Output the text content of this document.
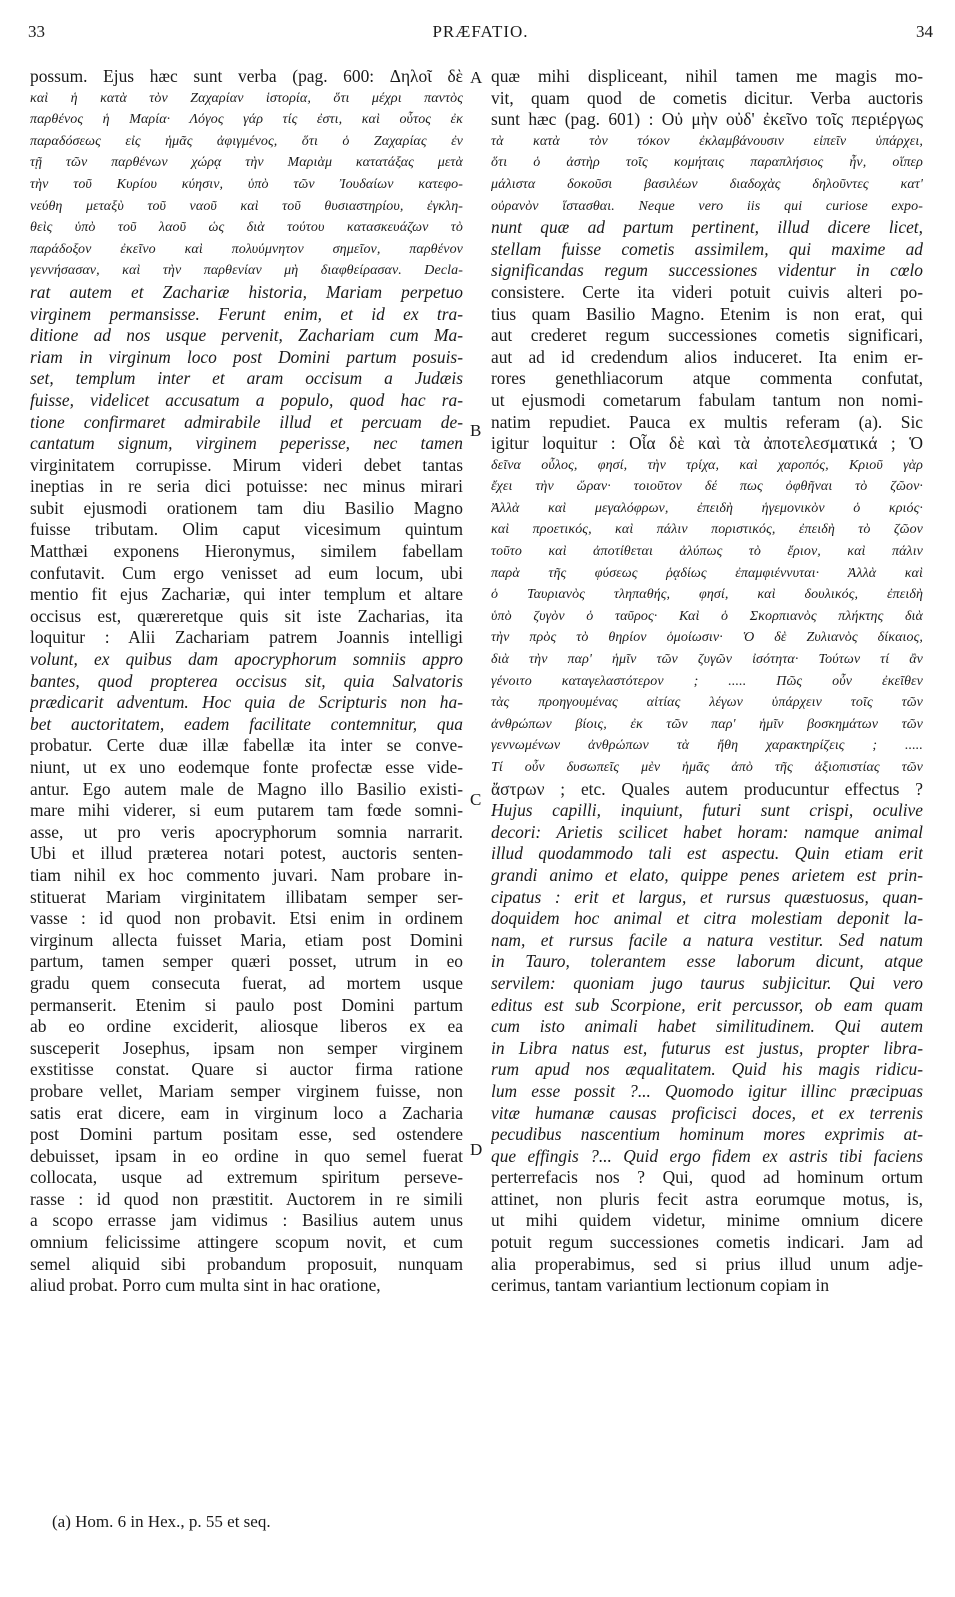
33	PRÆFATIO.	34
possum. Ejus hæc sunt verba (pag. 600: Δηλοῖ δὲ
καὶ ἡ κατὰ τὸν Ζαχαρίαν ἱστορία, ὅτι μέχρι παντὸς
παρθένος ἡ Μαρία· Λόγος γάρ τίς ἐστι, καὶ οὗτος ἐκ
παραδόσεως εἰς ἡμᾶς ἀφιγμένος, ὅτι ὁ Ζαχαρίας ἐν
τῇ τῶν παρθένων χώρᾳ τὴν Μαριὰμ κατατάξας μετὰ
τὴν τοῦ Κυρίου κύησιν, ὑπὸ τῶν Ἰουδαίων κατεφο-
νεύθη μεταξὺ τοῦ ναοῦ καὶ τοῦ θυσιαστηρίου, ἐγκλη-
θεὶς ὑπὸ τοῦ λαοῦ ὡς διὰ τούτου κατασκευάζων τὸ
παράδοξον ἐκεῖνο καὶ πολυύμνητον σημεῖον, παρθένον
γεννήσασαν, καὶ τὴν παρθενίαν μὴ διαφθείρασαν. Decla-
rat autem et Zachariæ historia, Mariam perpetuo
virginem permansisse. Ferunt enim, et id ex tra-
ditione ad nos usque pervenit, Zachariam cum Ma-
riam in virginum loco post Domini partum posuis-
set, templum inter et aram occisum a Judæis
fuisse, videlicet accusatum a populo, quod hac ra-
tione confirmaret admirabile illud et percuam de-
cantatum signum, virginem peperisse, nec tamen
virginitatem corrupisse. Mirum videri debet tantas
ineptias in re seria dici potuisse: nec minus mirari
subit ejusmodi orationem tam diu Basilio Magno
fuisse tributam. Olim caput vicesimum quintum
Matthæi exponens Hieronymus, similem fabellam
confutavit. Cum ergo venisset ad eum locum, ubi
mentio fit ejus Zachariæ, qui inter templum et altare
occisus est, quæreretque quis sit iste Zacharias, ita
loquitur : Alii Zachariam patrem Joannis intelligi
volunt, ex quibus dam apocryphorum somniis appro
bantes, quod propterea occisus sit, quia Salvatoris
prædicarit adventum. Hoc quia de Scripturis non ha-
bet auctoritatem, eadem facilitate contemnitur, qua
probatur. Certe duæ illæ fabellæ ita inter se conve-
niunt, ut ex uno eodemque fonte profectæ esse vide-
antur. Ego autem male de Magno illo Basilio existi-
mare mihi viderer, si eum putarem tam fœde somni-
asse, ut pro veris apocryphorum somnia narrarit.
Ubi et illud præterea notari potest, auctoris senten-
tiam nihil ex hoc commento juvari. Nam probare in-
stituerat Mariam virginitatem illibatam semper ser-
vasse : id quod non probavit. Etsi enim in ordinem
virginum allecta fuisset Maria, etiam post Domini
partum, tamen semper quæri posset, utrum in eo
gradu quem consecuta fuerat, ad mortem usque
permanserit. Etenim si paulo post Domini partum
ab eo ordine exciderit, aliosque liberos ex ea
susceperit Josephus, ipsam non semper virginem
exstitisse constat. Quare si auctor firma ratione
probare vellet, Mariam semper virginem fuisse, non
satis erat dicere, eam in virginum loco a Zacharia
post Domini partum positam esse, sed ostendere
debuisset, ipsam in eo ordine in quo semel fuerat
collocata, usque ad extremum spiritum perseve-
rasse : id quod non præstitit. Auctorem in re simili
a scopo errasse jam vidimus : Basilius autem unus
omnium felicissime attingere scopum novit, et cum
semel aliquid sibi probandum proposuit, nunquam
aliud probat. Porro cum multa sint in hac oratione,
quæ mihi displiceant, nihil tamen me magis mo-
vit, quam quod de cometis dicitur. Verba auctoris
sunt hæc (pag. 601) : Οὐ μὴν οὐδ' ἐκεῖνο τοῖς περιέργως
τὰ κατὰ τὸν τόκον ἐκλαμβάνουσιν εἰπεῖν ὑπάρχει,
ὅτι ὁ ἀστὴρ τοῖς κομήταις παραπλήσιος ἦν, οἵπερ
μάλιστα δοκοῦσι βασιλέων διαδοχὰς δηλοῦντες κατ'
οὐρανὸν ἵστασθαι. Neque vero iis qui curiose expo-
nunt quæ ad partum pertinent, illud dicere licet,
stellam fuisse cometis assimilem, qui maxime ad
significandas regum successiones videntur in cœlo
consistere. Certe ita videri potuit cuivis alteri po-
tius quam Basilio Magno. Etenim is non erat, qui
aut crederet regum successiones cometis significari,
aut ad id credendum alios induceret. Ita enim er-
rores genethliacorum atque commenta confutat,
ut ejusmodi cometarum fabulam tantum non nomi-
natim repudiet. Pauca ex multis referam (a). Sic
igitur loquitur : Οἷα δὲ καὶ τὰ ἀποτελεσματικά ; Ὁ
δεῖνα οὖλος, φησί, τὴν τρίχα, καὶ χαροπός, Κριοῦ γὰρ
ἔχει τὴν ὥραν· τοιοῦτον δέ πως ὀφθῆναι τὸ ζῶον·
Ἀλλὰ καὶ μεγαλόφρων, ἐπειδὴ ἡγεμονικὸν ὁ κριός·
καὶ προετικός, καὶ πάλιν ποριστικός, ἐπειδὴ τὸ ζῶον
τοῦτο καὶ ἀποτίθεται ἀλύπως τὸ ἔριον, καὶ πάλιν
παρὰ τῆς φύσεως ῥᾳδίως ἐπαμφιέννυται· Ἀλλὰ καὶ
ὁ Ταυριανὸς τληπαθής, φησί, καὶ δουλικός, ἐπειδὴ
ὑπὸ ζυγὸν ὁ ταῦρος· Καὶ ὁ Σκορπιανὸς πλήκτης διὰ
τὴν πρὸς τὸ θηρίον ὁμοίωσιν· Ὁ δὲ Ζυλιανὸς δίκαιος,
διὰ τὴν παρ' ἡμῖν τῶν ζυγῶν ἰσότητα· Τούτων τί ἂν
γένοιτο καταγελαστότερον ; ..... Πῶς οὖν ἐκεῖθεν
τὰς προηγουμένας αἰτίας λέγων ὑπάρχειν τοῖς τῶν
ἀνθρώπων βίοις, ἐκ τῶν παρ' ἡμῖν βοσκημάτων τῶν
γεννωμένων ἀνθρώπων τὰ ἤθη χαρακτηρίζεις ; .....
Τί οὖν δυσωπεῖς μὲν ἡμᾶς ἀπὸ τῆς ἀξιοπιστίας τῶν
ἄστρων ; etc. Quales autem producuntur effectus ?
Hujus capilli, inquiunt, futuri sunt crispi, oculive
decori: Arietis scilicet habet horam: namque animal
illud quodammodo tali est aspectu. Quin etiam erit
grandi animo et elato, quippe penes arietem est prin-
cipatus : erit et largus, et rursus quæstuosus, quan-
doquidem hoc animal et citra molestiam deponit la-
nam, et rursus facile a natura vestitur. Sed natum
in Tauro, tolerantem esse laborum dicunt, atque
servilem: quoniam jugo taurus subjicitur. Qui vero
editus est sub Scorpione, erit percussor, ob eam quam
cum isto animali habet similitudinem. Qui autem
in Libra natus est, futurus est justus, propter libra-
rum apud nos æqualitatem. Quid his magis ridicu-
lum esse possit ?... Quomodo igitur illinc præcipuas
vitæ humanæ causas proficisci doces, et ex terrenis
pecudibus nascentium hominum mores exprimis at-
que effingis ?... Quid ergo fidem ex astris tibi faciens
perterrefacis nos ? Qui, quod ad hominum ortum
attinet, non pluris fecit astra eorumque motus, is,
ut mihi quidem videtur, minime omnium dicere
potuit regum successiones cometis indicari. Jam ad
alia properabimus, sed si prius illud unum adje-
cerimus, tantam variantium lectionum copiam in
A
B
C
D
(a) Hom. 6 in Hex., p. 55 et seq.
